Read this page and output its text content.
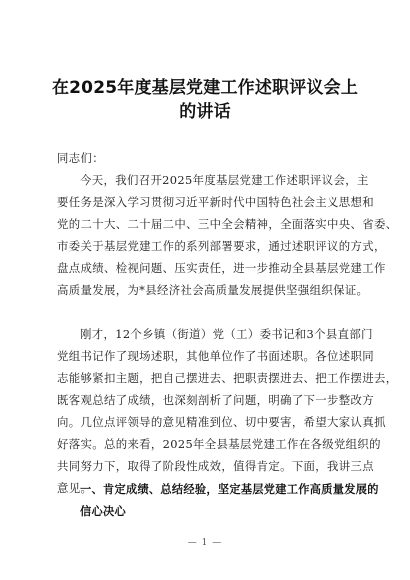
在2025年度基层党建工作述职评议会上
的讲话
同志们：
今天，我们召开2025年度基层党建工作述职评议会，主
要任务是深入学习贯彻习近平新时代中国特色社会主义思想和
党的二十大、二十届二中、三中全会精神，全面落实中央、省委、
市委关于基层党建工作的系列部署要求，通过述职评议的方式，
盘点成绩、检视问题、压实责任，进一步推动全县基层党建工作
高质量发展，为*县经济社会高质量发展提供坚强组织保证。
刚才，12个乡镇（街道）党（工）委书记和3个县直部门
党组书记作了现场述职，其他单位作了书面述职。各位述职同
志能够紧扣主题，把自己摆进去、把职责摆进去、把工作摆进去，
既客观总结了成绩，也深刻剖析了问题，明确了下一步整改方
向。几位点评领导的意见精准到位、切中要害，希望大家认真抓
好落实。总的来看，2025年全县基层党建工作在各级党组织的
共同努力下，取得了阶段性成效，值得肯定。下面，我讲三点
意见。
一、肯定成绩、总结经验，坚定基层党建工作高质量发展的
信心决心
— 1 —
